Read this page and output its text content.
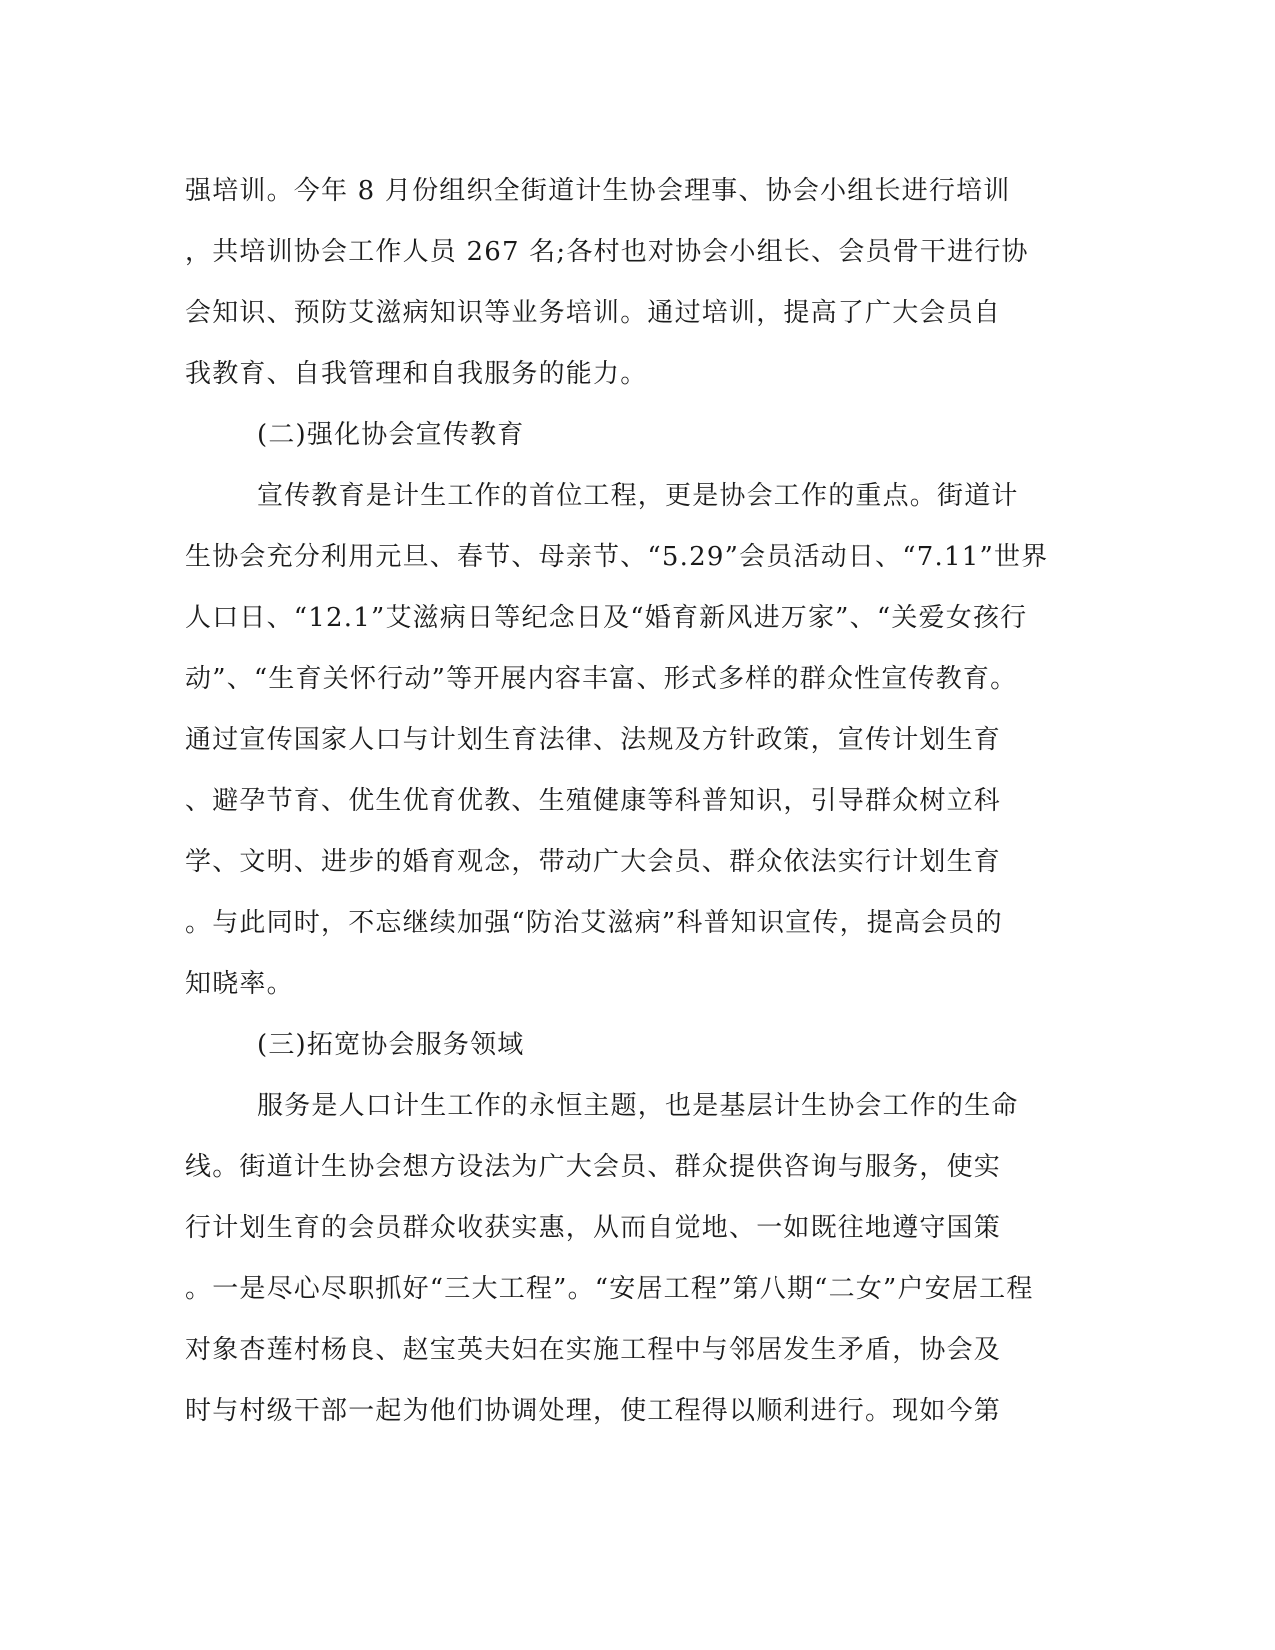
强培训。今年 8 月份组织全街道计生协会理事、协会小组长进行培训
，共培训协会工作人员 267 名;各村也对协会小组长、会员骨干进行协
会知识、预防艾滋病知识等业务培训。通过培训，提高了广大会员自
我教育、自我管理和自我服务的能力。
(二)强化协会宣传教育
宣传教育是计生工作的首位工程，更是协会工作的重点。街道计
生协会充分利用元旦、春节、母亲节、“5.29”会员活动日、“7.11”世界
人口日、“12.1”艾滋病日等纪念日及“婚育新风进万家”、“关爱女孩行
动”、“生育关怀行动”等开展内容丰富、形式多样的群众性宣传教育。
通过宣传国家人口与计划生育法律、法规及方针政策，宣传计划生育
、避孕节育、优生优育优教、生殖健康等科普知识，引导群众树立科
学、文明、进步的婚育观念，带动广大会员、群众依法实行计划生育
。与此同时，不忘继续加强“防治艾滋病”科普知识宣传，提高会员的
知晓率。
(三)拓宽协会服务领域
服务是人口计生工作的永恒主题，也是基层计生协会工作的生命
线。街道计生协会想方设法为广大会员、群众提供咨询与服务，使实
行计划生育的会员群众收获实惠，从而自觉地、一如既往地遵守国策
。一是尽心尽职抓好“三大工程”。“安居工程”第八期“二女”户安居工程
对象杏莲村杨良、赵宝英夫妇在实施工程中与邻居发生矛盾，协会及
时与村级干部一起为他们协调处理，使工程得以顺利进行。现如今第
